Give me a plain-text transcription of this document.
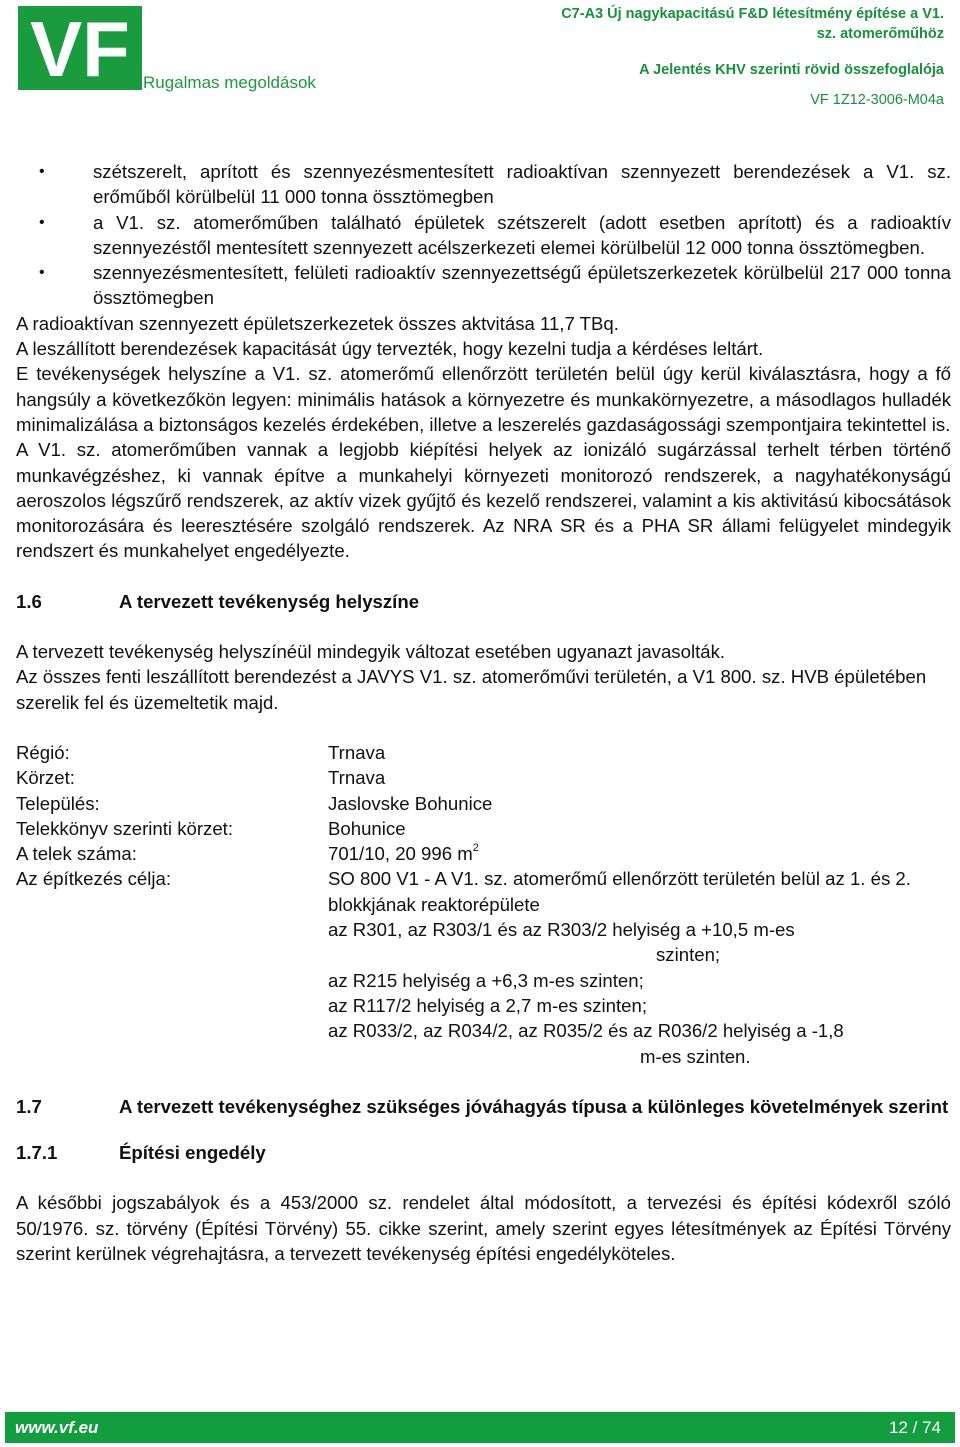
VF Rugalmas megoldások
C7-A3 Új nagykapacitású F&D létesítmény építése a V1.
sz. atomerőműhöz
A Jelentés KHV szerinti rövid összefoglalója
VF 1Z12-3006-M04a
• szétszerelt, aprított és szennyezésmentesített radioaktívan szennyezett berendezések a V1. sz. erőműből körülbelül 11 000 tonna össztömegben
• a V1. sz. atomerőműben található épületek szétszerelt (adott esetben aprított) és a radioaktív szennyezéstől mentesített szennyezett acélszerkezeti elemei körülbelül 12 000 tonna össztömegben.
• szennyezésmentesített, felületi radioaktív szennyezettségű épületszerkezetek körülbelül 217 000 tonna össztömegben

A radioaktívan szennyezett épületszerkezetek összes aktvitása 11,7 TBq.

A leszállított berendezések kapacitását úgy tervezték, hogy kezelni tudja a kérdéses leltárt.

E tevékenységek helyszíne a V1. sz. atomerőmű ellenőrzött területén belül úgy kerül kiválasztásra, hogy a fő hangsúly a következőkön legyen: minimális hatások a környezetre és munkakörnyezetre, a másodlagos hulladék minimalizálása a biztonságos kezelés érdekében, illetve a leszerelés gazdaságossági szempontjaira tekintettel is.

A V1. sz. atomerőműben vannak a legjobb kiépítési helyek az ionizáló sugárzással terhelt térben történő munkavégzéshez, ki vannak építve a munkahelyi környezeti monitorozó rendszerek, a nagyhatékonyságú aeroszolos légszűrő rendszerek, az aktív vizek gyűjtő és kezelő rendszerei, valamint a kis aktivitású kibocsátások monitorozására és leeresztésére szolgáló rendszerek. Az NRA SR és a PHA SR állami felügyelet mindegyik rendszert és munkahelyet engedélyezte.

1.6	A tervezett tevékenység helyszíne

A tervezett tevékenység helyszínéül mindegyik változat esetében ugyanazt javasolták.

Az összes fenti leszállított berendezést a JAVYS V1. sz. atomerőművi területén, a V1 800. sz. HVB épületében szerelik fel és üzemeltetik majd.

Régió:	Trnava
Körzet:	Trnava
Település:	Jaslovske Bohunice
Telekkönyv szerinti körzet:	Bohunice
A telek száma:	701/10, 20 996 $m^2$
Az építkezés célja:	SO 800 V1 - A V1. sz. atomerőmű ellenőrzött területén belül az 1. és 2. blokkjának reaktorépülete
az R301, az R303/1 és az R303/2 helyiség a +10,5 m-es
szinten;
az R215 helyiség a +6,3 m-es szinten;
az R117/2 helyiség a 2,7 m-es szinten;
az R033/2, az R034/2, az R035/2 és az R036/2 helyiség a -1,8
m-es szinten.
1.7	A tervezett tevékenységhez szükséges jóváhagyás típusa a különleges követelmények szerint
1.7.1	Építési engedély

A későbbi jogszabályok és a 453/2000 sz. rendelet által módosított, a tervezési és építési kódexről szóló 50/1976. sz. törvény (Építési Törvény) 55. cikke szerint, amely szerint egyes létesítmények az Építési Törvény szerint kerülnek végrehajtásra, a tervezett tevékenység építési engedélyköteles.

www.vf.eu	12 / 74
